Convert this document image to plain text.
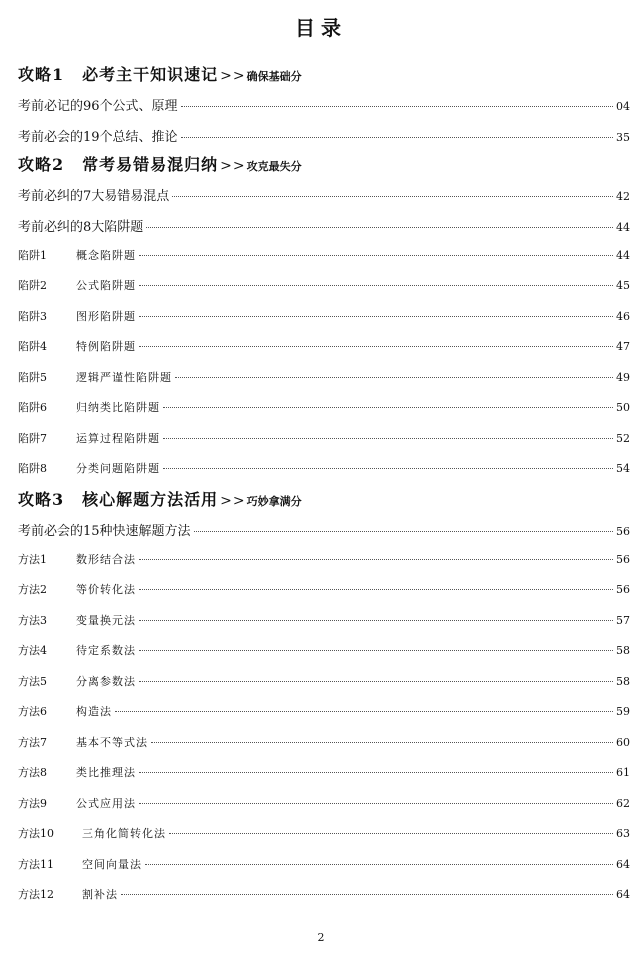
目录
攻略1 必考主干知识速记 >>确保基础分
考前必记的96个公式、原理	04
考前必会的19个总结、推论	35
攻略2 常考易错易混归纳 >>攻克最失分
考前必纠的7大易错易混点	42
考前必纠的8大陷阱题	44
陷阱1	概念陷阱题	44
陷阱2	公式陷阱题	45
陷阱3	图形陷阱题	46
陷阱4	特例陷阱题	47
陷阱5	逻辑严谨性陷阱题	49
陷阱6	归纳类比陷阱题	50
陷阱7	运算过程陷阱题	52
陷阱8	分类问题陷阱题	54
攻略3 核心解题方法活用 >>巧妙拿满分
考前必会的15种快速解题方法	56
方法1	数形结合法	56
方法2	等价转化法	56
方法3	变量换元法	57
方法4	待定系数法	58
方法5	分离参数法	58
方法6	构造法	59
方法7	基本不等式法	60
方法8	类比推理法	61
方法9	公式应用法	62
方法10	三角化简转化法	63
方法11	空间向量法	64
方法12	割补法	64
2
